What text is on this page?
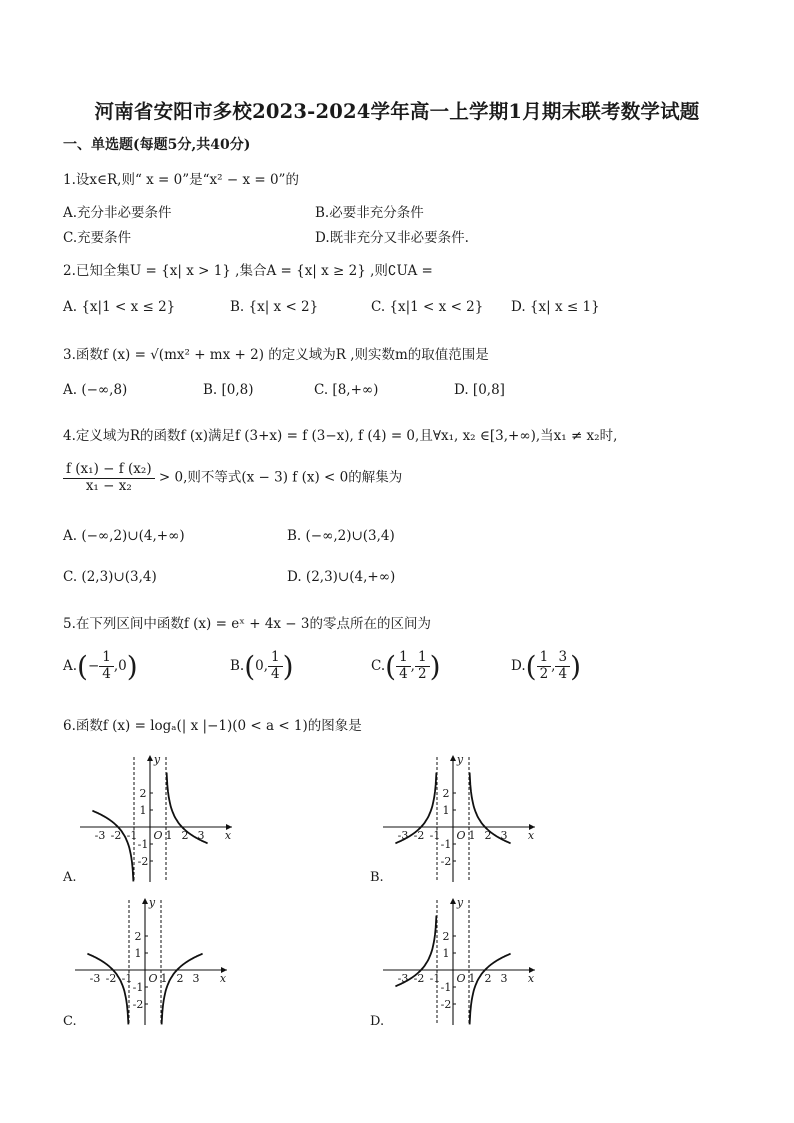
河南省安阳市多校2023-2024学年高一上学期1月期末联考数学试题
一、单选题(每题5分,共40分)
1.设x∈R,则“ x = 0”是“x² − x = 0”的
A.充分非必要条件	B.必要非充分条件
C.充要条件	D.既非充分又非必要条件.
2.已知全集U = {x| x > 1} ,集合A = {x| x ≥ 2} ,则∁UA =
A. {x|1 < x ≤ 2}	B. {x| x < 2}	C. {x|1 < x < 2} D. {x| x ≤ 1}
3.函数f (x) = √(mx² + mx + 2) 的定义域为R ,则实数m的取值范围是
A. (−∞,8)	B. [0,8)	C. [8,+∞)	D. [0,8]
4.定义域为R的函数f (x)满足f (3+x) = f (3−x), f (4) = 0,且∀x₁, x₂ ∈[3,+∞),当x₁ ≠ x₂时,
$\frac{\text{f (x₁) − f (x₂)}}{\text{x₁ − x₂}} > 0$,则不等式(x − 3) f (x) < 0的解集为
A. (−∞,2)∪(4,+∞)	B. (−∞,2)∪(3,4)
C. (2,3)∪(3,4)	D. (2,3)∪(4,+∞)
5.在下列区间中函数f (x) = eˣ + 4x − 3的零点所在的区间为
$A.(- \frac{1}{4} ,0)$	B.(0, $\frac{1}{4}$ )	$C.( \frac{1}{4}$ , $\frac{1}{2}$ )	$D.( \frac{1}{2}$ , $\frac{3}{4}$ )
6.函数f (x) = logₐ(| x |−1)(0 < a < 1)的图象是
-3 -2 -1	1 2 3
2
1
-1
-2
O
y
x	-3 -2 -1	1 2 3
2
1
-1
-2
O
y
x
-3 -2 -1	1 2 3
2
1
-1
-2
O
y
x	-3 -2 -1	1 2 3
2
1
-1
-2
O
y
x
A.	B.
C.	D.
